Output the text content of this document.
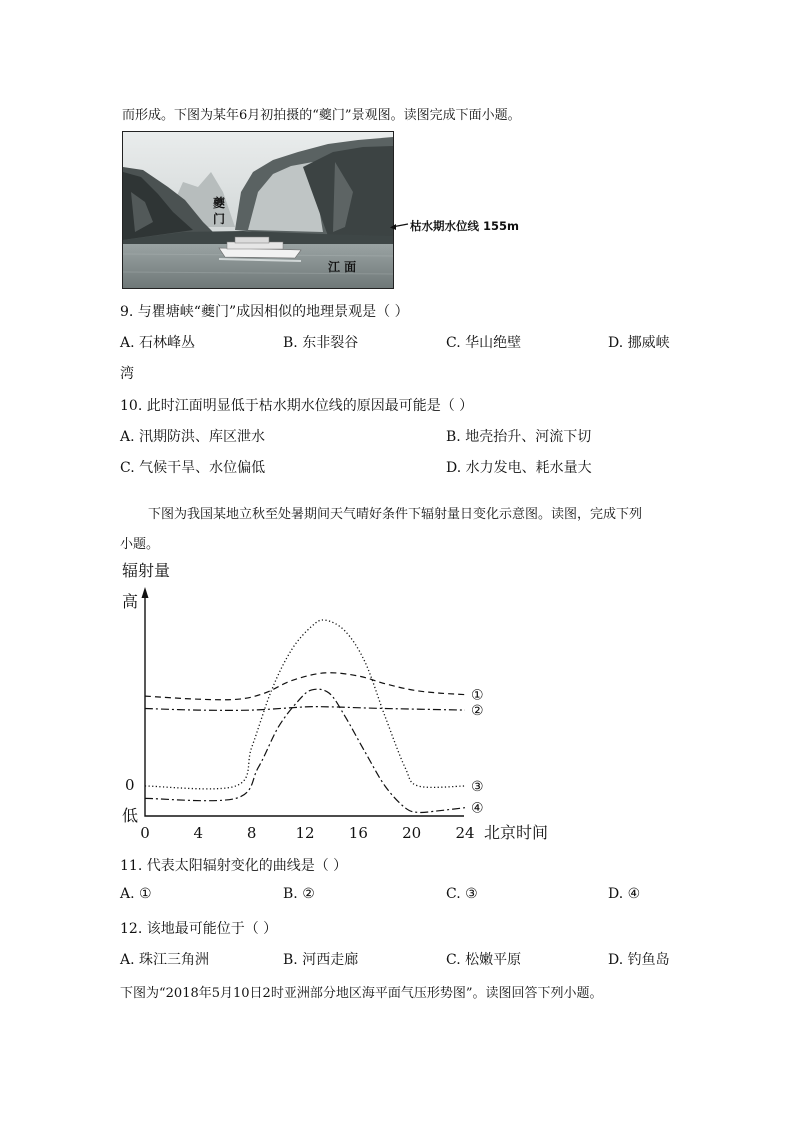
而形成。下图为某年6月初拍摄的“夔门”景观图。读图完成下面小题。
夔
门
江 面
枯水期水位线 155m
9. 与瞿塘峡“夔门”成因相似的地理景观是（ ）
A. 石林峰丛	B. 东非裂谷	C. 华山绝壁	D. 挪威峡
湾
10. 此时江面明显低于枯水期水位线的原因最可能是（ ）
A. 汛期防洪、库区泄水	B. 地壳抬升、河流下切
C. 气候干旱、水位偏低	D. 水力发电、耗水量大
下图为我国某地立秋至处暑期间天气晴好条件下辐射量日变化示意图。读图，完成下列
小题。
辐射量
高
0
低
0	4	8	12 16 20 24 北京时间
①
②
③
④
11. 代表太阳辐射变化的曲线是（ ）
A. ①	B. ②	C. ③	D. ④
12. 该地最可能位于（ ）
A. 珠江三角洲	B. 河西走廊	C. 松嫩平原	D. 钓鱼岛
下图为“2018年5月10日2时亚洲部分地区海平面气压形势图”。读图回答下列小题。
